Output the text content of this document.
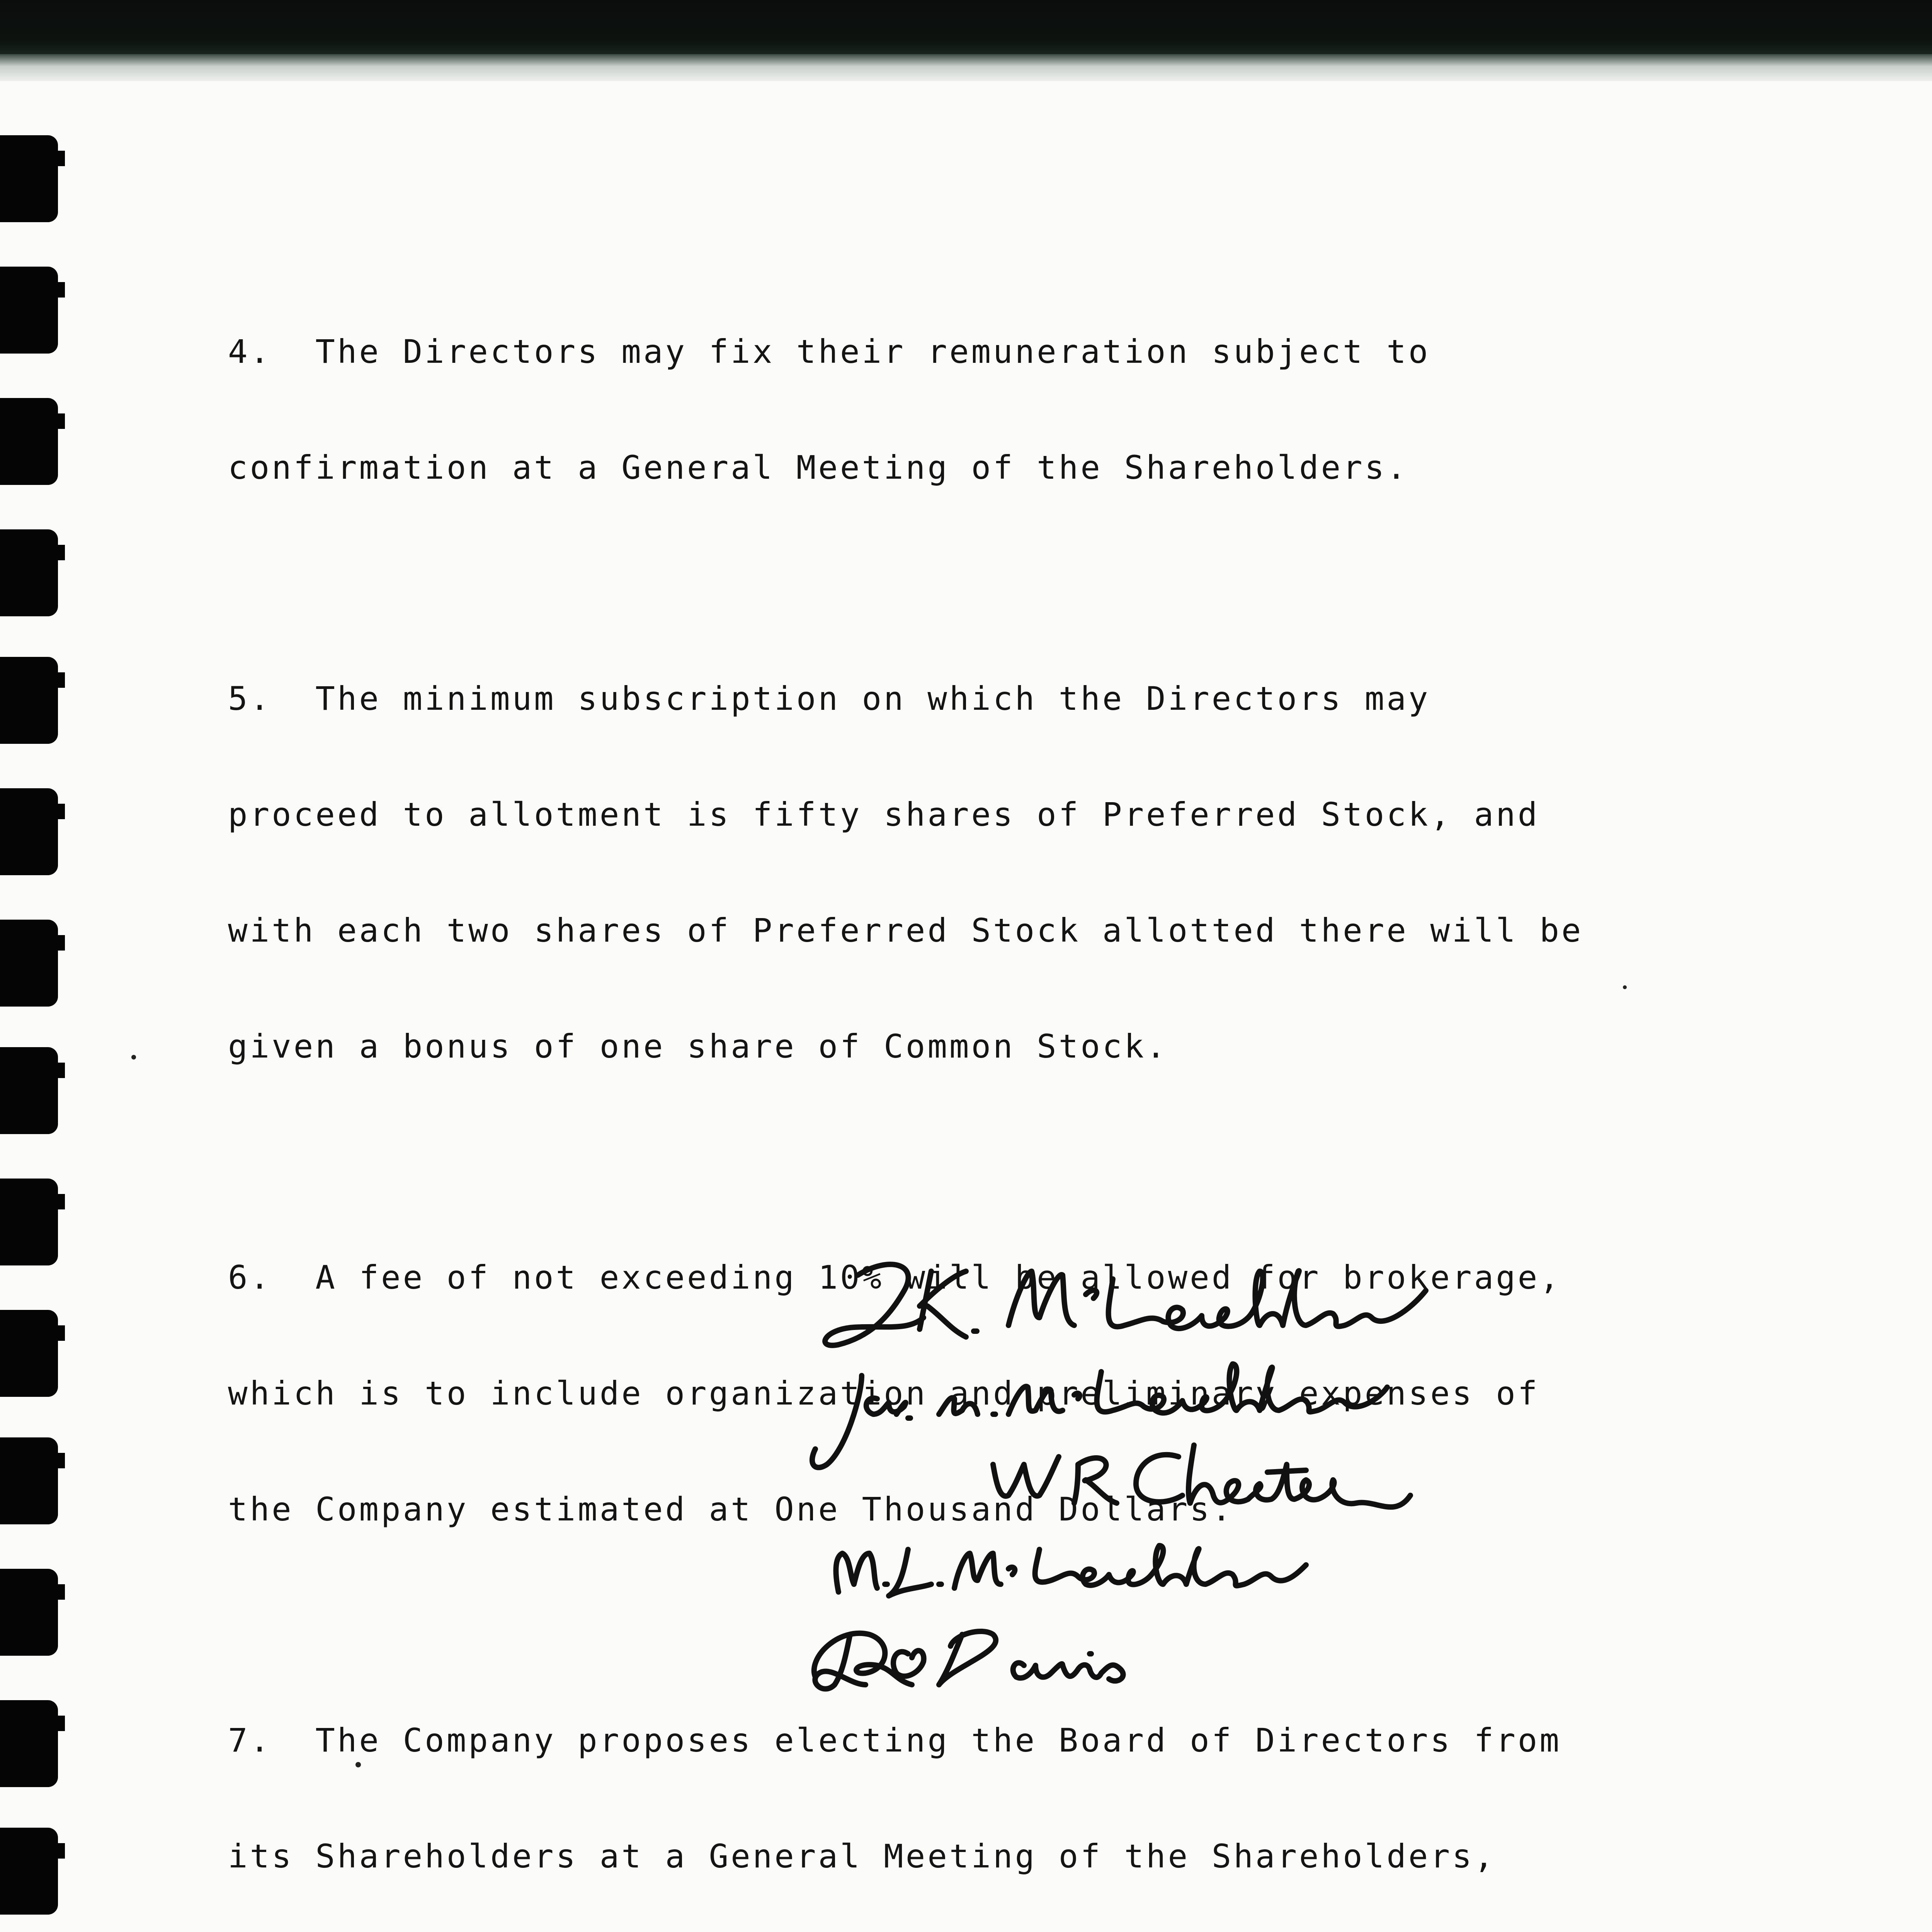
4.  The Directors may fix their remuneration subject to

confirmation at a General Meeting of the Shareholders.

5.  The minimum subscription on which the Directors may

proceed to allotment is fifty shares of Preferred Stock, and

with each two shares of Preferred Stock allotted there will be

given a bonus of one share of Common Stock.

6.  A fee of not exceeding 10% will be allowed for brokerage,

which is to include organization and preliminary expenses of

the Company estimated at One Thousand Dollars.

7.  The Company proposes electing the Board of Directors from

its Shareholders at a General Meeting of the Shareholders,
